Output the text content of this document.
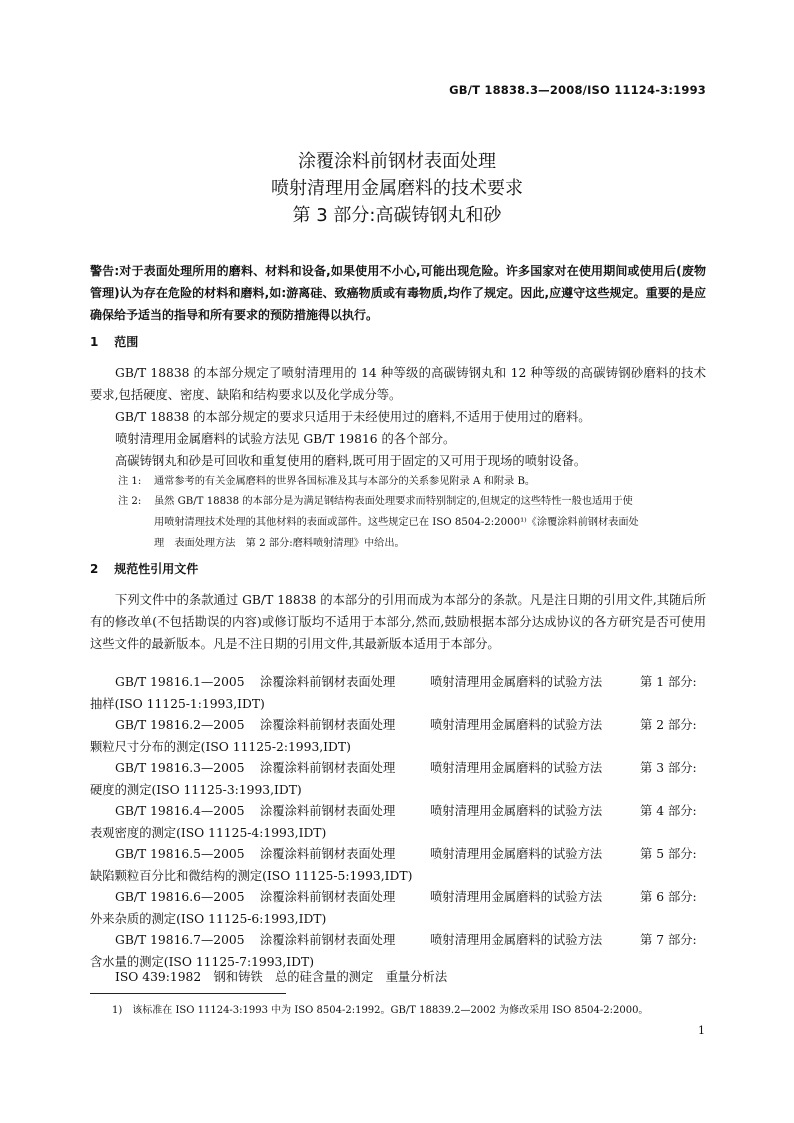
GB/T 18838.3—2008/ISO 11124-3:1993
涂覆涂料前钢材表面处理
喷射清理用金属磨料的技术要求
第 3 部分:高碳铸钢丸和砂
警告:对于表面处理所用的磨料、材料和设备,如果使用不小心,可能出现危险。许多国家对在使用期间或使用后(废物管理)认为存在危险的材料和磨料,如:游离硅、致癌物质或有毒物质,均作了规定。因此,应遵守这些规定。重要的是应确保给予适当的指导和所有要求的预防措施得以执行。
1 范围
GB/T 18838 的本部分规定了喷射清理用的 14 种等级的高碳铸钢丸和 12 种等级的高碳铸钢砂磨料的技术要求,包括硬度、密度、缺陷和结构要求以及化学成分等。
GB/T 18838 的本部分规定的要求只适用于未经使用过的磨料,不适用于使用过的磨料。
喷射清理用金属磨料的试验方法见 GB/T 19816 的各个部分。
高碳铸钢丸和砂是可回收和重复使用的磨料,既可用于固定的又可用于现场的喷射设备。
注 1: 通常参考的有关金属磨料的世界各国标准及其与本部分的关系参见附录 A 和附录 B。
注 2: 虽然 GB/T 18838 的本部分是为满足钢结构表面处理要求而特别制定的,但规定的这些特性一般也适用于使
用喷射清理技术处理的其他材料的表面或部件。这些规定已在 ISO 8504-2:2000¹⁾《涂覆涂料前钢材表面处
理　表面处理方法　第 2 部分:磨料喷射清理》中给出。
2 规范性引用文件
下列文件中的条款通过 GB/T 18838 的本部分的引用而成为本部分的条款。凡是注日期的引用文件,其随后所有的修改单(不包括勘误的内容)或修订版均不适用于本部分,然而,鼓励根据本部分达成协议的各方研究是否可使用这些文件的最新版本。凡是不注日期的引用文件,其最新版本适用于本部分。
GB/T 19816.1—2005 涂覆涂料前钢材表面处理	喷射清理用金属磨料的试验方法	第 1 部分:
抽样(ISO 11125-1:1993,IDT)
GB/T 19816.2—2005 涂覆涂料前钢材表面处理	喷射清理用金属磨料的试验方法	第 2 部分:
颗粒尺寸分布的测定(ISO 11125-2:1993,IDT)
GB/T 19816.3—2005 涂覆涂料前钢材表面处理	喷射清理用金属磨料的试验方法	第 3 部分:
硬度的测定(ISO 11125-3:1993,IDT)
GB/T 19816.4—2005 涂覆涂料前钢材表面处理	喷射清理用金属磨料的试验方法	第 4 部分:
表观密度的测定(ISO 11125-4:1993,IDT)
GB/T 19816.5—2005 涂覆涂料前钢材表面处理	喷射清理用金属磨料的试验方法	第 5 部分:
缺陷颗粒百分比和微结构的测定(ISO 11125-5:1993,IDT)
GB/T 19816.6—2005 涂覆涂料前钢材表面处理	喷射清理用金属磨料的试验方法	第 6 部分:
外来杂质的测定(ISO 11125-6:1993,IDT)
GB/T 19816.7—2005 涂覆涂料前钢材表面处理	喷射清理用金属磨料的试验方法	第 7 部分:
含水量的测定(ISO 11125-7:1993,IDT)
ISO 439:1982　钢和铸铁　总的硅含量的测定　重量分析法
1)　该标准在 ISO 11124-3:1993 中为 ISO 8504-2:1992。GB/T 18839.2—2002 为修改采用 ISO 8504-2:2000。
1
